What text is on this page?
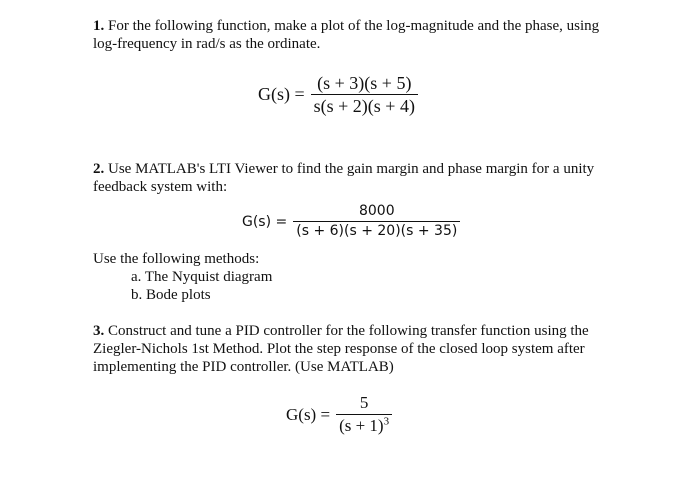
1. For the following function, make a plot of the log-magnitude and the phase, using log-frequency in rad/s as the ordinate.
$G(s) = \frac{(s + 3)(s + 5)}{s(s + 2)(s + 4)}$
2. Use MATLAB's LTI Viewer to find the gain margin and phase margin for a unity feedback system with:
$G(s) = \frac{8000}{(s + 6)(s + 20)(s + 35)}$
Use the following methods:
a. The Nyquist diagram
b. Bode plots
3. Construct and tune a PID controller for the following transfer function using the Ziegler-Nichols 1st Method. Plot the step response of the closed loop system after implementing the PID controller. (Use MATLAB)
$G(s) = \frac{5}{(s + 1)^3}$
